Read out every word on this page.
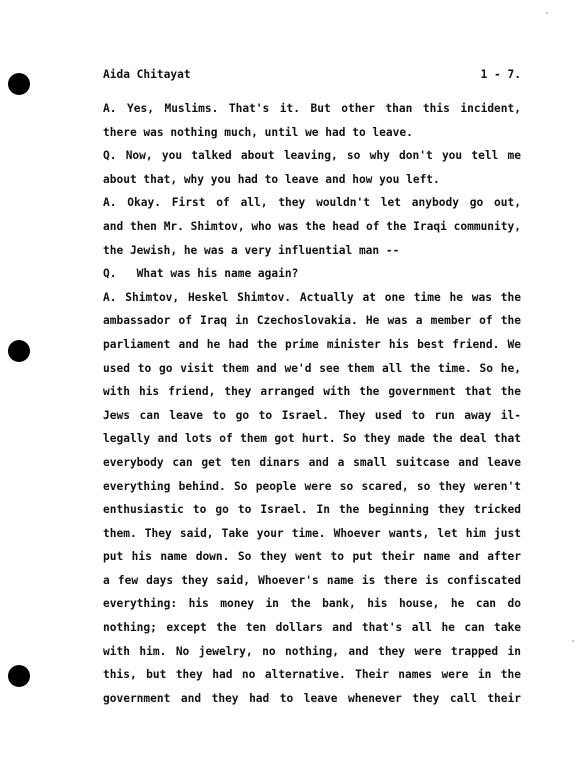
Aida Chitayat	1 - 7.
A. Yes, Muslims. That's it. But other than this incident,
there was nothing much, until we had to leave.
Q. Now, you talked about leaving, so why don't you tell me
about that, why you had to leave and how you left.
A. Okay. First of all, they wouldn't let anybody go out,
and then Mr. Shimtov, who was the head of the Iraqi community,
the Jewish, he was a very influential man --
Q.   What was his name again?
A. Shimtov, Heskel Shimtov. Actually at one time he was the
ambassador of Iraq in Czechoslovakia. He was a member of the
parliament and he had the prime minister his best friend. We
used to go visit them and we'd see them all the time. So he,
with his friend, they arranged with the government that the
Jews can leave to go to Israel. They used to run away il-
legally and lots of them got hurt. So they made the deal that
everybody can get ten dinars and a small suitcase and leave
everything behind. So people were so scared, so they weren't
enthusiastic to go to Israel. In the beginning they tricked
them. They said, Take your time. Whoever wants, let him just
put his name down. So they went to put their name and after
a few days they said, Whoever's name is there is confiscated
everything: his money in the bank, his house, he can do
nothing; except the ten dollars and that's all he can take
with him. No jewelry, no nothing, and they were trapped in
this, but they had no alternative. Their names were in the
government and they had to leave whenever they call their
